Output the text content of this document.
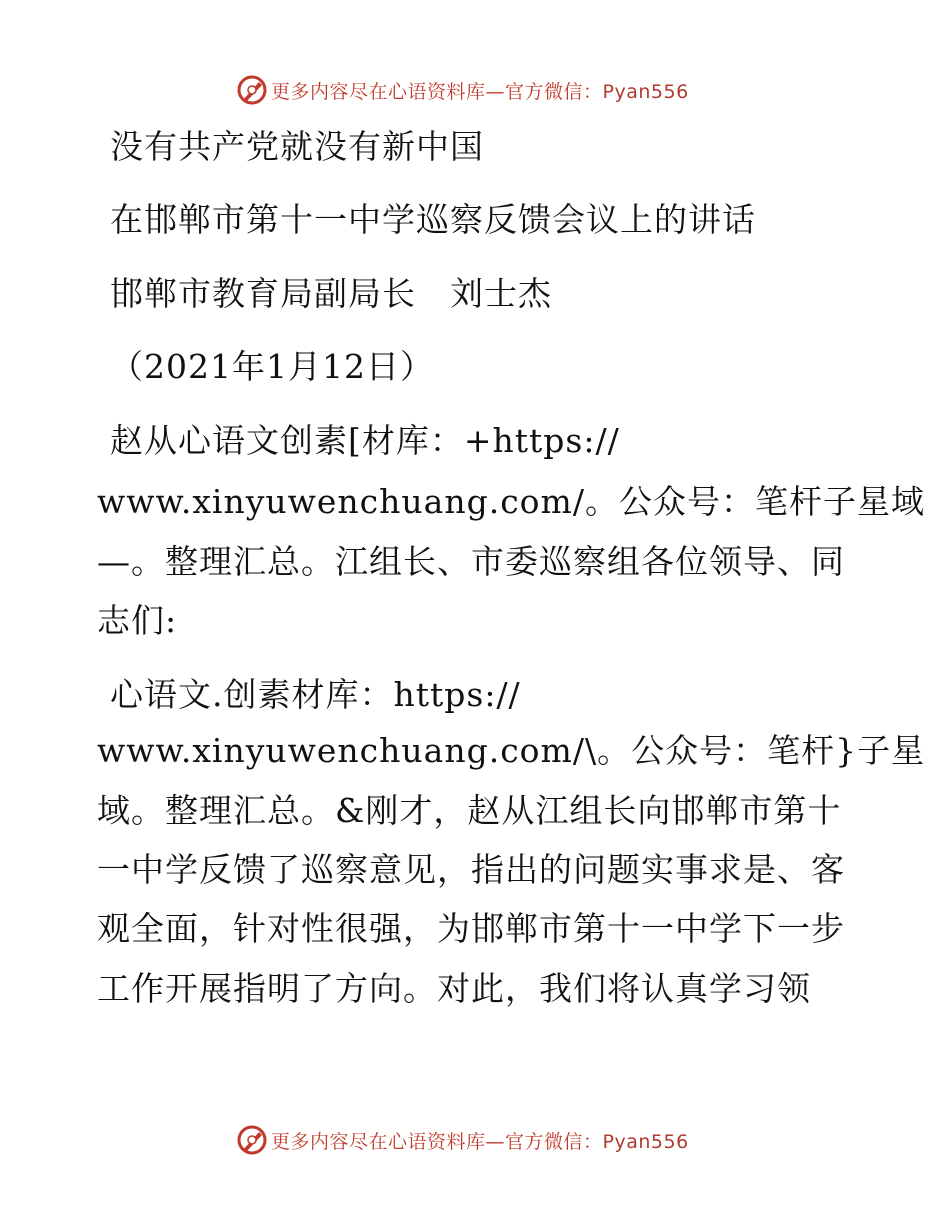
更多内容尽在心语资料库—官方微信：Pyan556
没有共产党就没有新中国
在邯郸市第十一中学巡察反馈会议上的讲话
邯郸市教育局副局长　刘士杰
（2021年1月12日）
赵从心语文创素[材库：+https://
www.xinyuwenchuang.com/。公众号：笔杆子星域
—。整理汇总。江组长、市委巡察组各位领导、同
志们:
心语文.创素材库：https://
www.xinyuwenchuang.com/\。公众号：笔杆}子星
域。整理汇总。&刚才，赵从江组长向邯郸市第十
一中学反馈了巡察意见，指出的问题实事求是、客
观全面，针对性很强，为邯郸市第十一中学下一步
工作开展指明了方向。对此，我们将认真学习领
更多内容尽在心语资料库—官方微信：Pyan556
